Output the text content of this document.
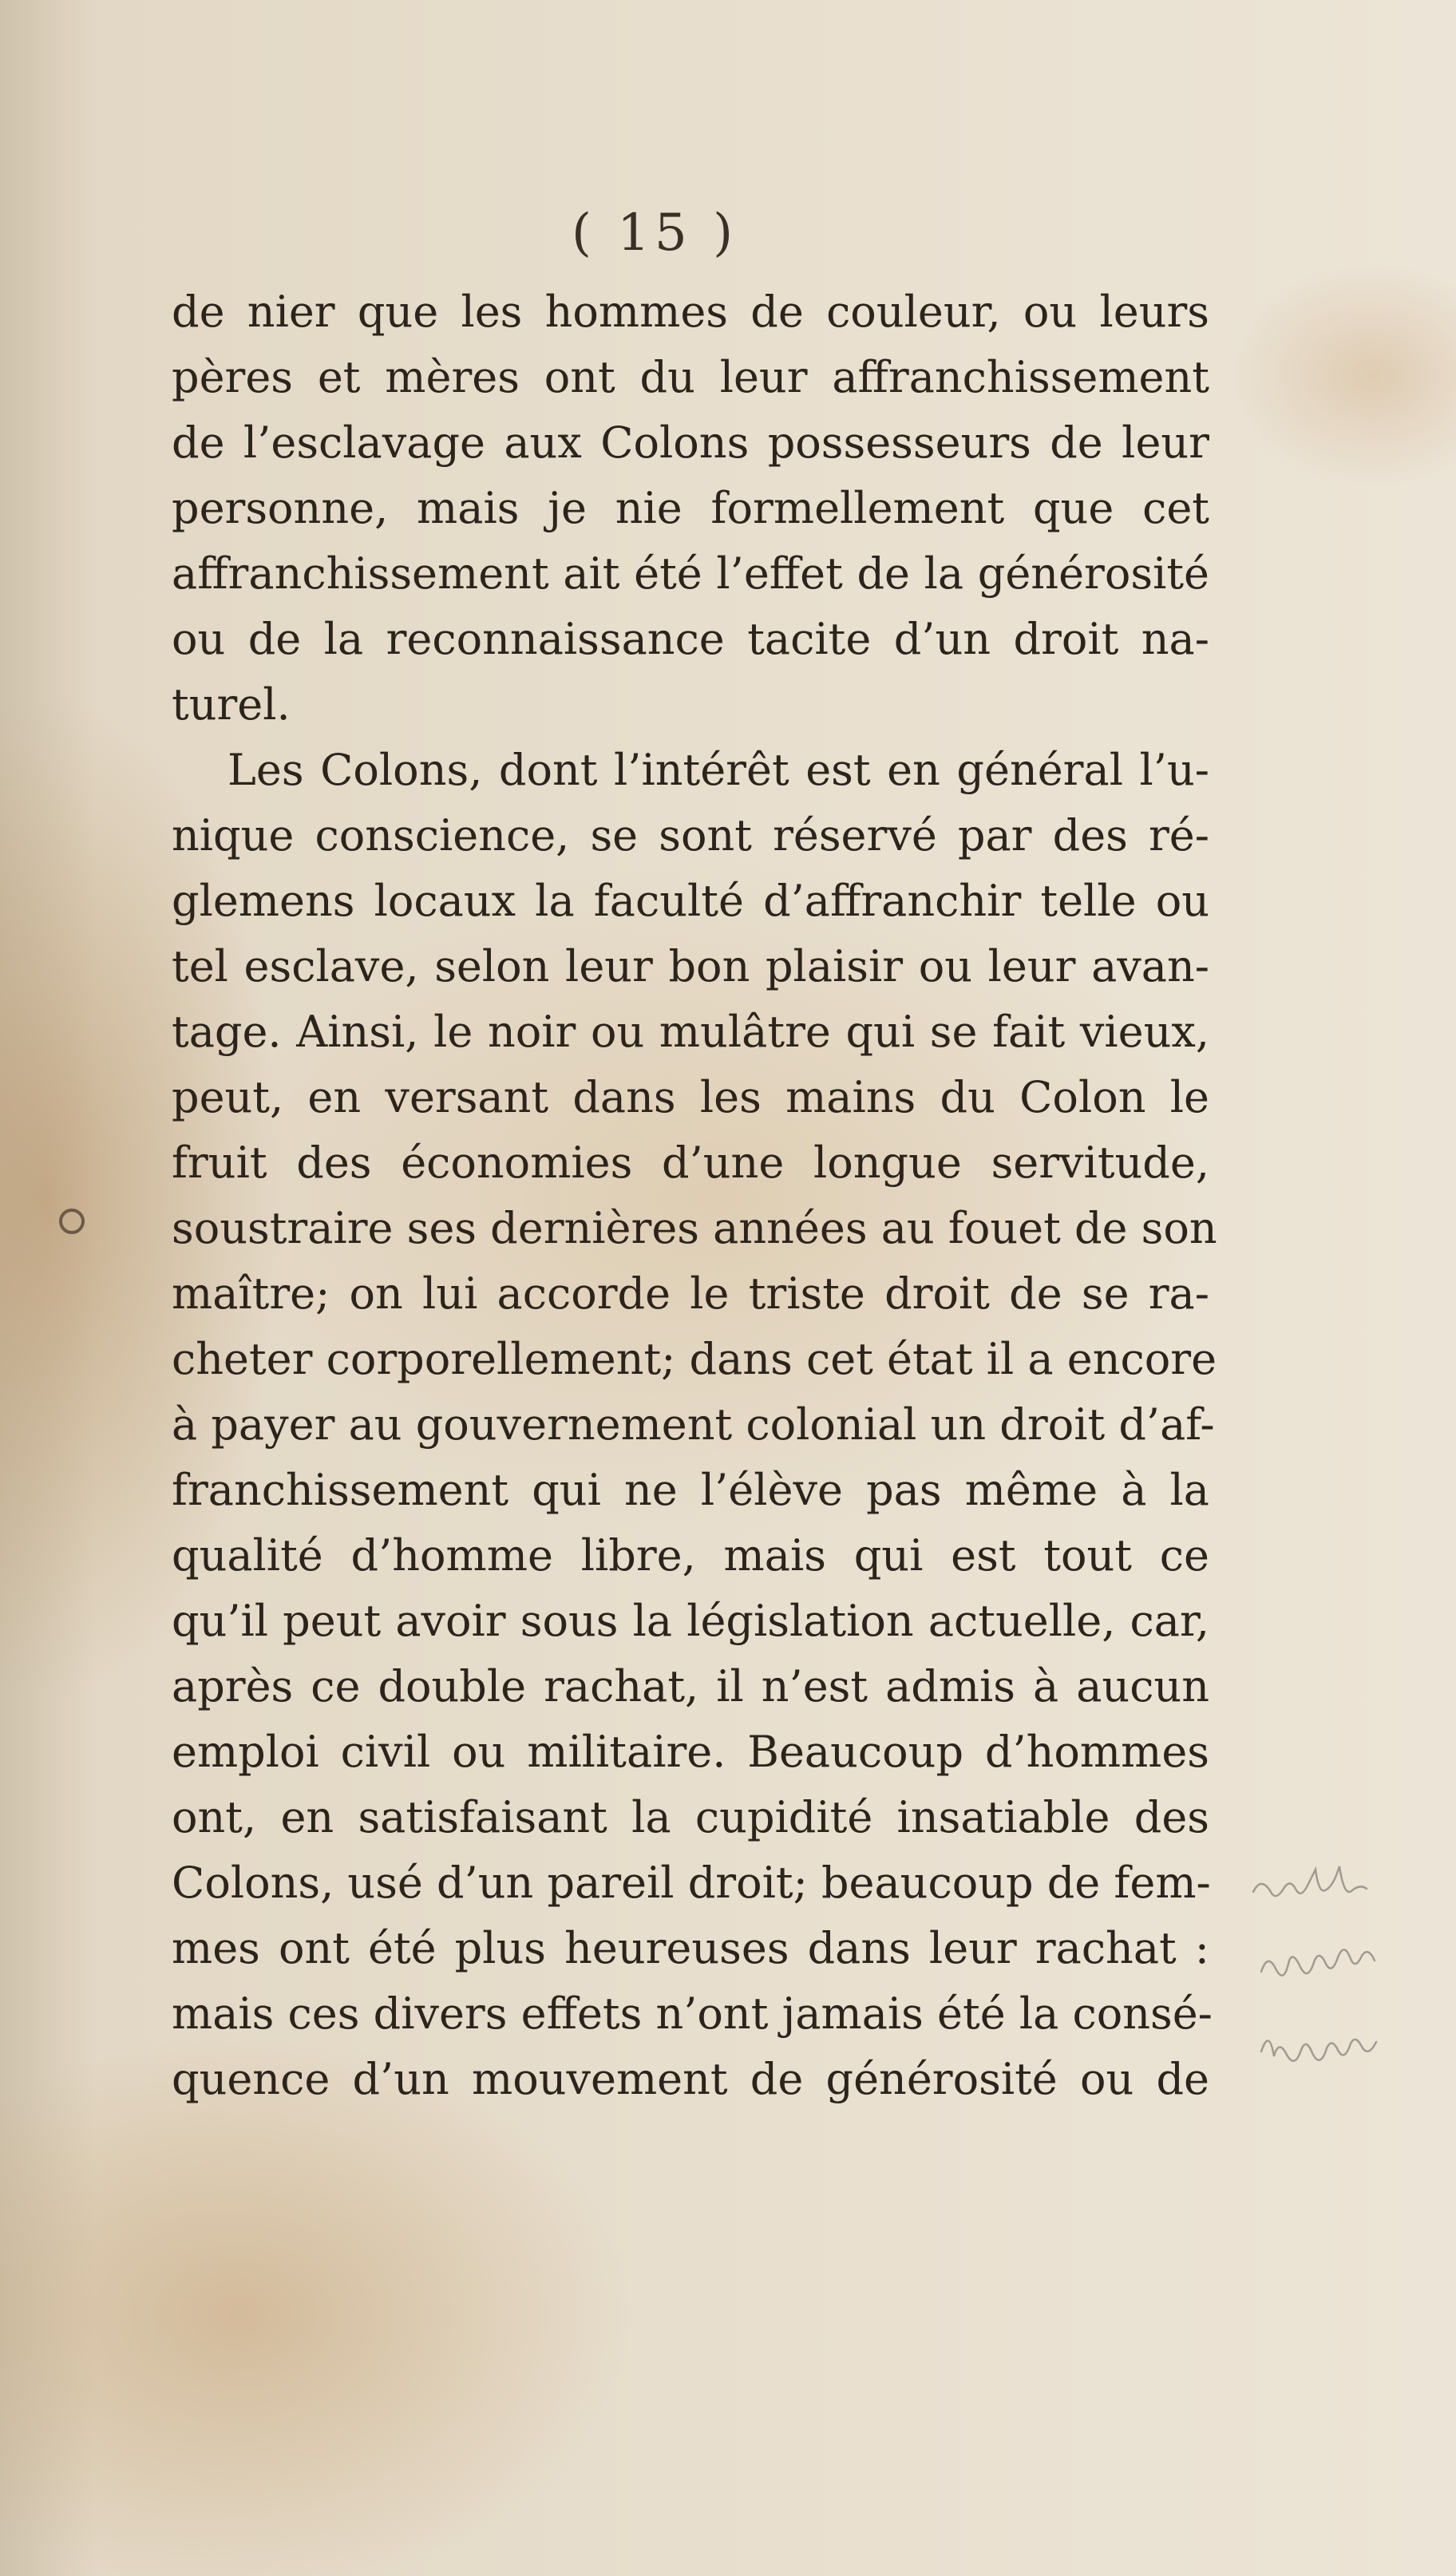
( 15 )
de nier que les hommes de couleur, ou leurs
pères et mères ont du leur affranchissement
de l’esclavage aux Colons possesseurs de leur
personne, mais je nie formellement que cet
affranchissement ait été l’effet de la générosité
ou de la reconnaissance tacite d’un droit na-
turel.
Les Colons, dont l’intérêt est en général l’u-
nique conscience, se sont réservé par des ré-
glemens locaux la faculté d’affranchir telle ou
tel esclave, selon leur bon plaisir ou leur avan-
tage. Ainsi, le noir ou mulâtre qui se fait vieux,
peut, en versant dans les mains du Colon le
fruit des économies d’une longue servitude,
soustraire ses dernières années au fouet de son
maître; on lui accorde le triste droit de se ra-
cheter corporellement; dans cet état il a encore
à payer au gouvernement colonial un droit d’af-
franchissement qui ne l’élève pas même à la
qualité d’homme libre, mais qui est tout ce
qu’il peut avoir sous la législation actuelle, car,
après ce double rachat, il n’est admis à aucun
emploi civil ou militaire. Beaucoup d’hommes
ont, en satisfaisant la cupidité insatiable des
Colons, usé d’un pareil droit; beaucoup de fem-
mes ont été plus heureuses dans leur rachat :
mais ces divers effets n’ont jamais été la consé-
quence d’un mouvement de générosité ou de
